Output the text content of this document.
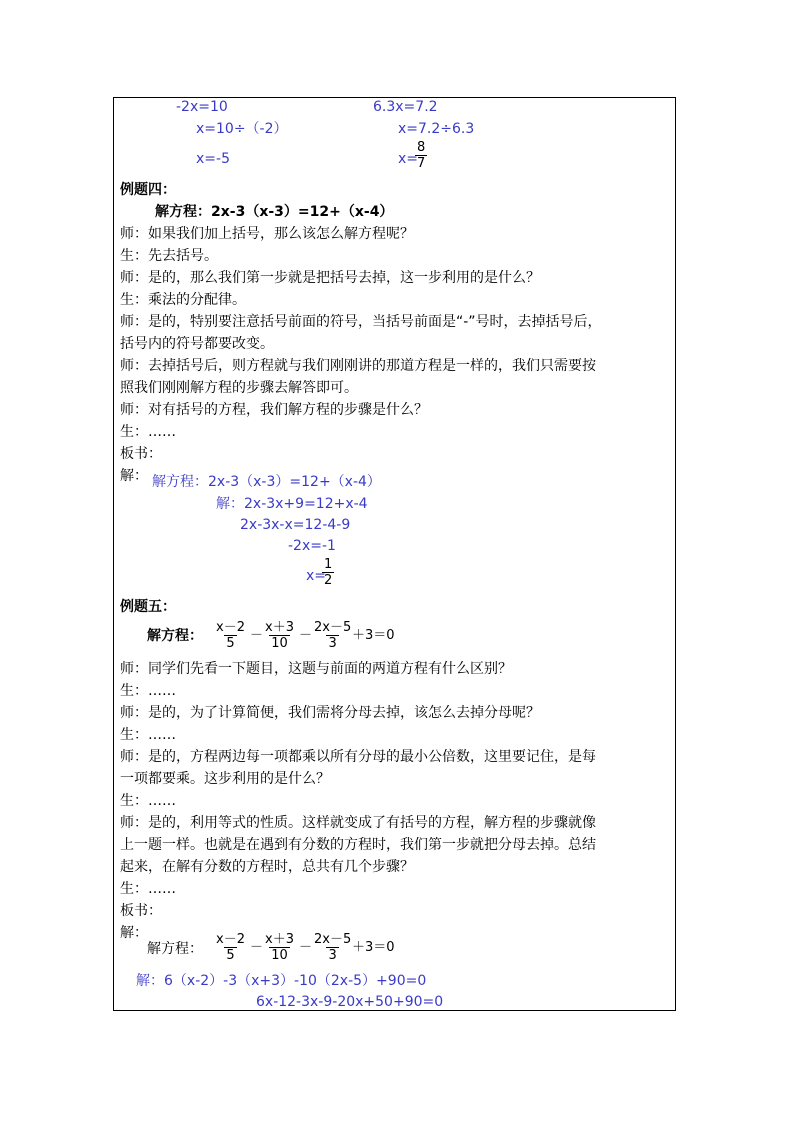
-2x=10
x=10÷（-2）
x=-5
6.3x=7.2
x=7.2÷6.3
x=
$\frac{8}{7}$
例题四：
解方程：2x-3（x-3）=12+（x-4）
师：如果我们加上括号，那么该怎么解方程呢？
生：先去括号。
师：是的，那么我们第一步就是把括号去掉，这一步利用的是什么？
生：乘法的分配律。
师：是的，特别要注意括号前面的符号，当括号前面是“-”号时，去掉括号后，
括号内的符号都要改变。
师：去掉括号后，则方程就与我们刚刚讲的那道方程是一样的，我们只需要按
照我们刚刚解方程的步骤去解答即可。
师：对有括号的方程，我们解方程的步骤是什么？
生：……
板书：
解： 解方程：2x-3（x-3）=12+（x-4）
解：2x-3x+9=12+x-4
2x-3x-x=12-4-9
-2x=-1
x=
$\frac{1}{2}$
例题五：
解方程： $\frac{x-2}{5} - \frac{x+3}{10} - \frac{2x-5}{3}$
＋3＝0
师：同学们先看一下题目，这题与前面的两道方程有什么区别？
生：……
师：是的，为了计算简便，我们需将分母去掉，该怎么去掉分母呢？
生：……
师：是的，方程两边每一项都乘以所有分母的最小公倍数，这里要记住，是每
一项都要乘。这步利用的是什么？
生：……
师：是的，利用等式的性质。这样就变成了有括号的方程，解方程的步骤就像
上一题一样。也就是在遇到有分数的方程时，我们第一步就把分母去掉。总结
起来，在解有分数的方程时，总共有几个步骤？
生：……
板书：
解：
解方程： $\frac{x-2}{5} - \frac{x+3}{10} - \frac{2x-5}{3}$
＋3＝0
解：6（x-2）-3（x+3）-10（2x-5）+90=0
6x-12-3x-9-20x+50+90=0
